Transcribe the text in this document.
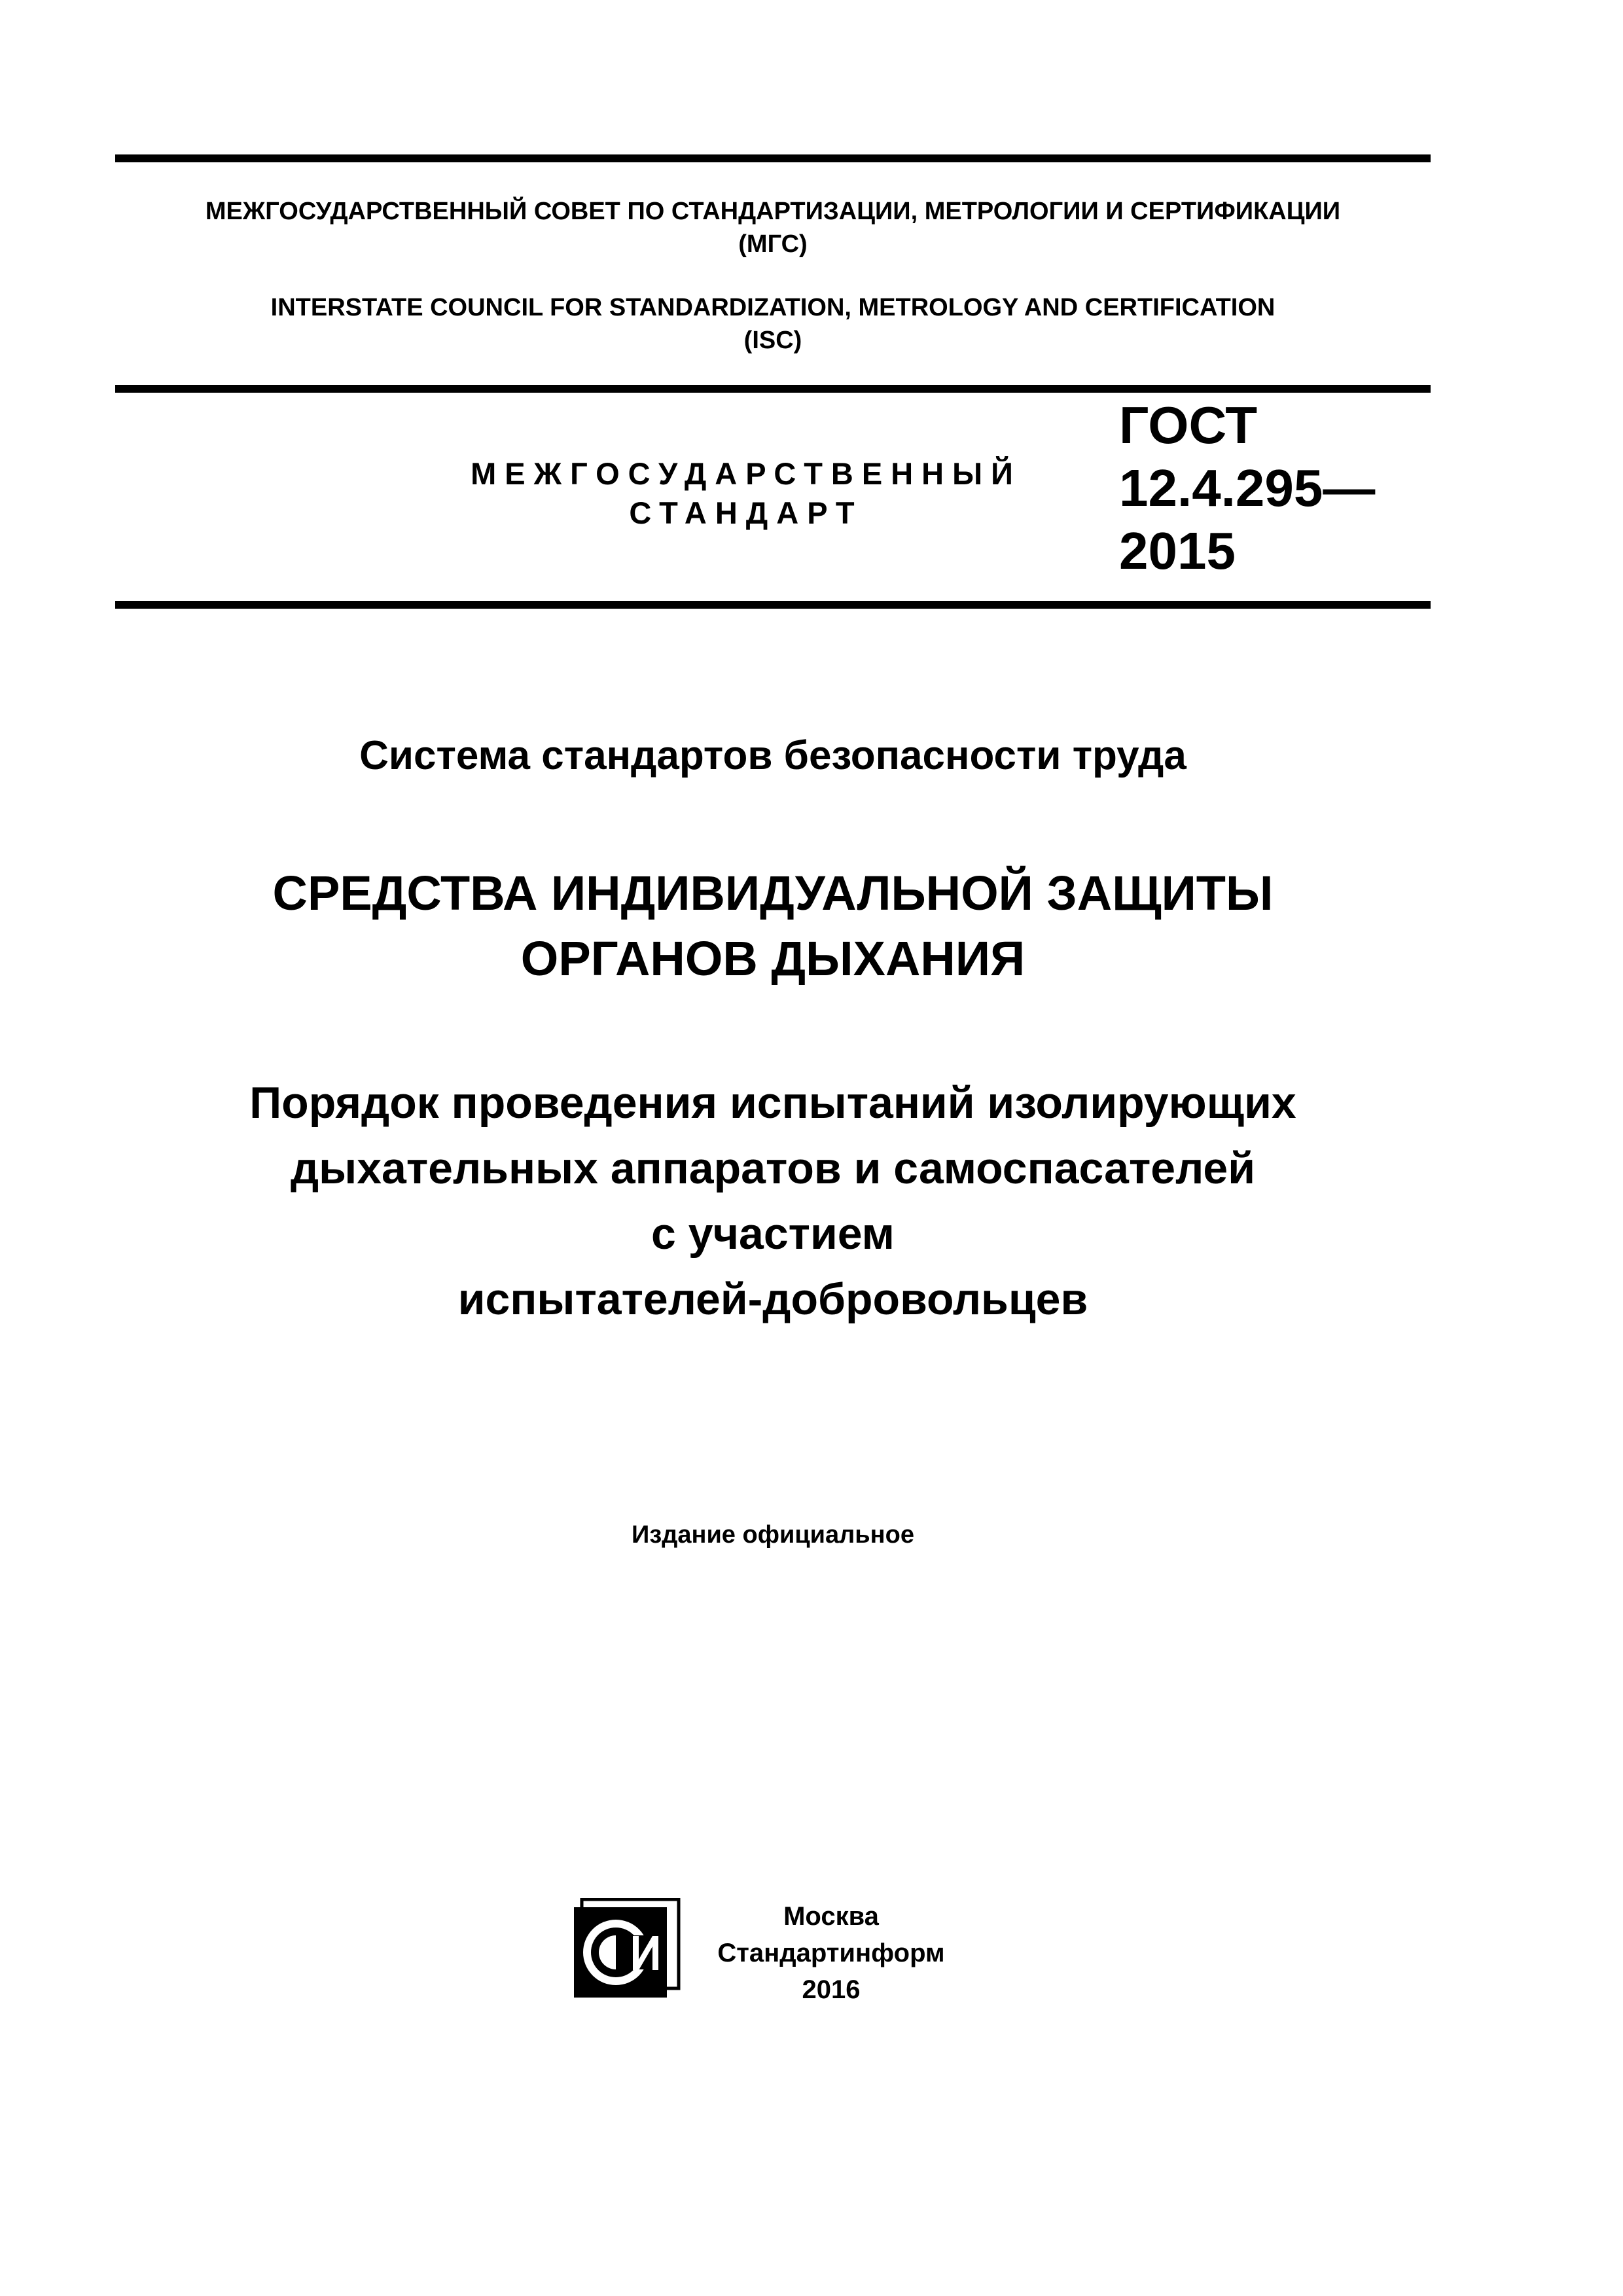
МЕЖГОСУДАРСТВЕННЫЙ СОВЕТ ПО СТАНДАРТИЗАЦИИ, МЕТРОЛОГИИ И СЕРТИФИКАЦИИ
(МГС)
INTERSTATE COUNCIL FOR STANDARDIZATION, METROLOGY AND CERTIFICATION
(ISC)
МЕЖГОСУДАРСТВЕННЫЙ
СТАНДАРТ
ГОСТ
12.4.295—
2015
Система стандартов безопасности труда
СРЕДСТВА ИНДИВИДУАЛЬНОЙ ЗАЩИТЫ
ОРГАНОВ ДЫХАНИЯ
Порядок проведения испытаний изолирующих
дыхательных аппаратов и самоспасателей
с участием
испытателей-добровольцев
Издание официальное
Москва
Стандартинформ
2016
